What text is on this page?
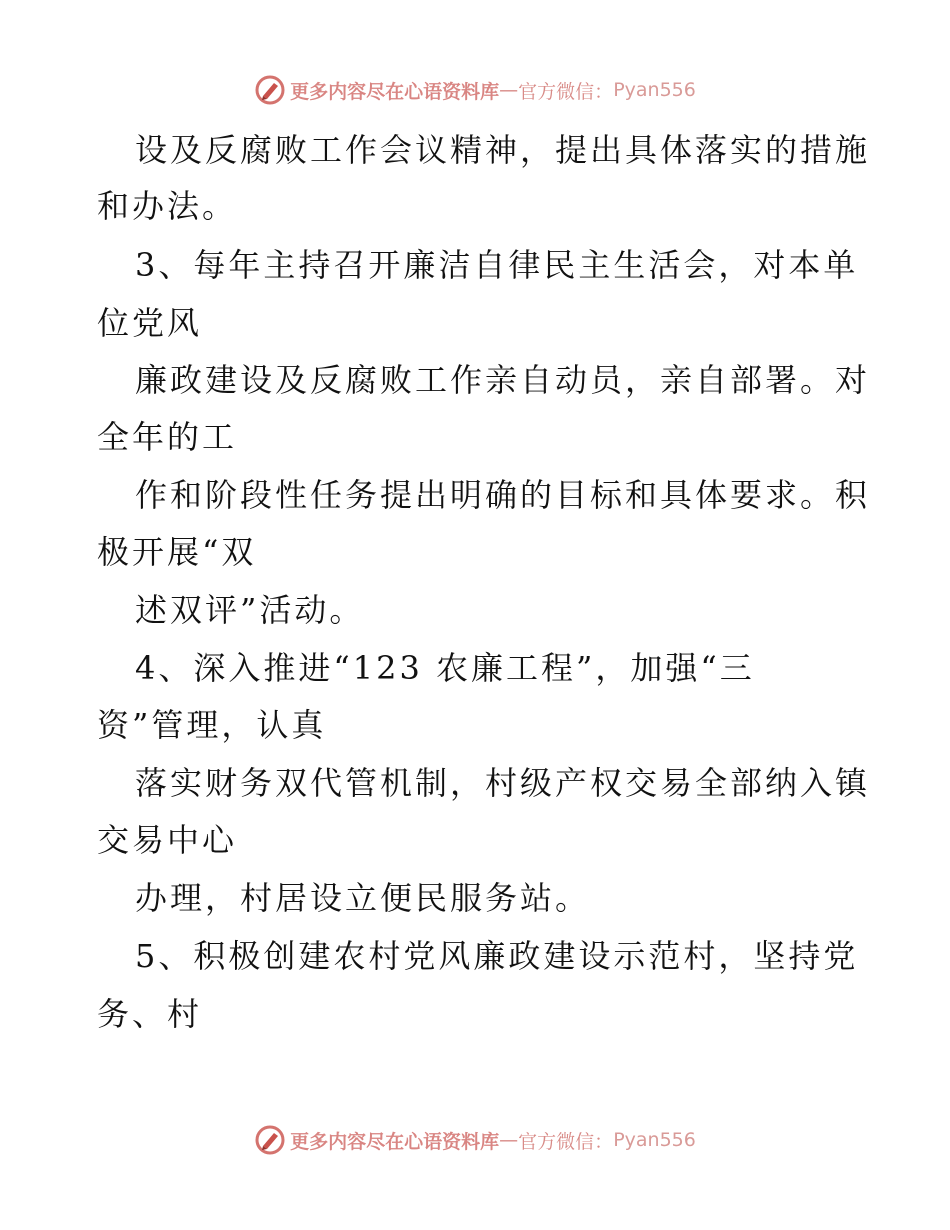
更多内容尽在心语资料库 — 官方微信： Pyan556
设及反腐败工作会议精神，提出具体落实的措施
和办法。
3、每年主持召开廉洁自律民主生活会，对本单
位党风
廉政建设及反腐败工作亲自动员，亲自部署。对
全年的工
作和阶段性任务提出明确的目标和具体要求。积
极开展“双
述双评”活动。
4、深入推进“123 农廉工程”，加强“三
资”管理，认真
落实财务双代管机制，村级产权交易全部纳入镇
交易中心
办理，村居设立便民服务站。
5、积极创建农村党风廉政建设示范村，坚持党
务、村
更多内容尽在心语资料库 — 官方微信： Pyan556
